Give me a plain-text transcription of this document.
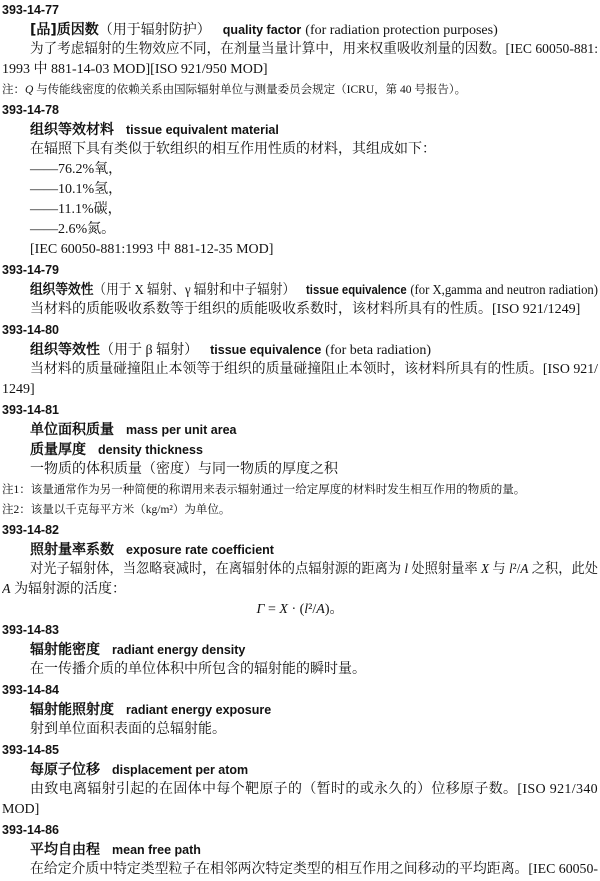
393-14-77
[品]质因数（用于辐射防护） quality factor (for radiation protection purposes)
为了考虑辐射的生物效应不同，在剂量当量计算中，用来权重吸收剂量的因数。[IEC 60050-881:
1993 中 881-14-03 MOD][ISO 921/950 MOD]
注：Q 与传能线密度的依赖关系由国际辐射单位与测量委员会规定（ICRU，第 40 号报告）。
393-14-78
组织等效材料 tissue equivalent material
在辐照下具有类似于软组织的相互作用性质的材料，其组成如下：
——76.2%氧，
——10.1%氢，
——11.1%碳，
——2.6%氮。
[IEC 60050-881:1993 中 881-12-35 MOD]
393-14-79
组织等效性（用于 X 辐射、γ 辐射和中子辐射） tissue equivalence (for X,gamma and neutron radiation)
当材料的质能吸收系数等于组织的质能吸收系数时，该材料所具有的性质。[ISO 921/1249]
393-14-80
组织等效性（用于 β 辐射） tissue equivalence (for beta radiation)
当材料的质量碰撞阻止本领等于组织的质量碰撞阻止本领时，该材料所具有的性质。[ISO 921/
1249]
393-14-81
单位面积质量 mass per unit area
质量厚度 density thickness
一物质的体积质量（密度）与同一物质的厚度之积
注1：该量通常作为另一种简便的称谓用来表示辐射通过一给定厚度的材料时发生相互作用的物质的量。
注2：该量以千克每平方米（kg/m²）为单位。
393-14-82
照射量率系数 exposure rate coefficient
对光子辐射体，当忽略衰减时，在离辐射体的点辐射源的距离为 l 处照射量率 X 与 l²/A 之积，此处
A 为辐射源的活度：
Γ = X · (l²/A)。
393-14-83
辐射能密度 radiant energy density
在一传播介质的单位体积中所包含的辐射能的瞬时量。
393-14-84
辐射能照射度 radiant energy exposure
射到单位面积表面的总辐射能。
393-14-85
每原子位移 displacement per atom
由致电离辐射引起的在固体中每个靶原子的（暂时的或永久的）位移原子数。[ISO 921/340
MOD]
393-14-86
平均自由程 mean free path
在给定介质中特定类型粒子在相邻两次特定类型的相互作用之间移动的平均距离。[IEC 60050-
